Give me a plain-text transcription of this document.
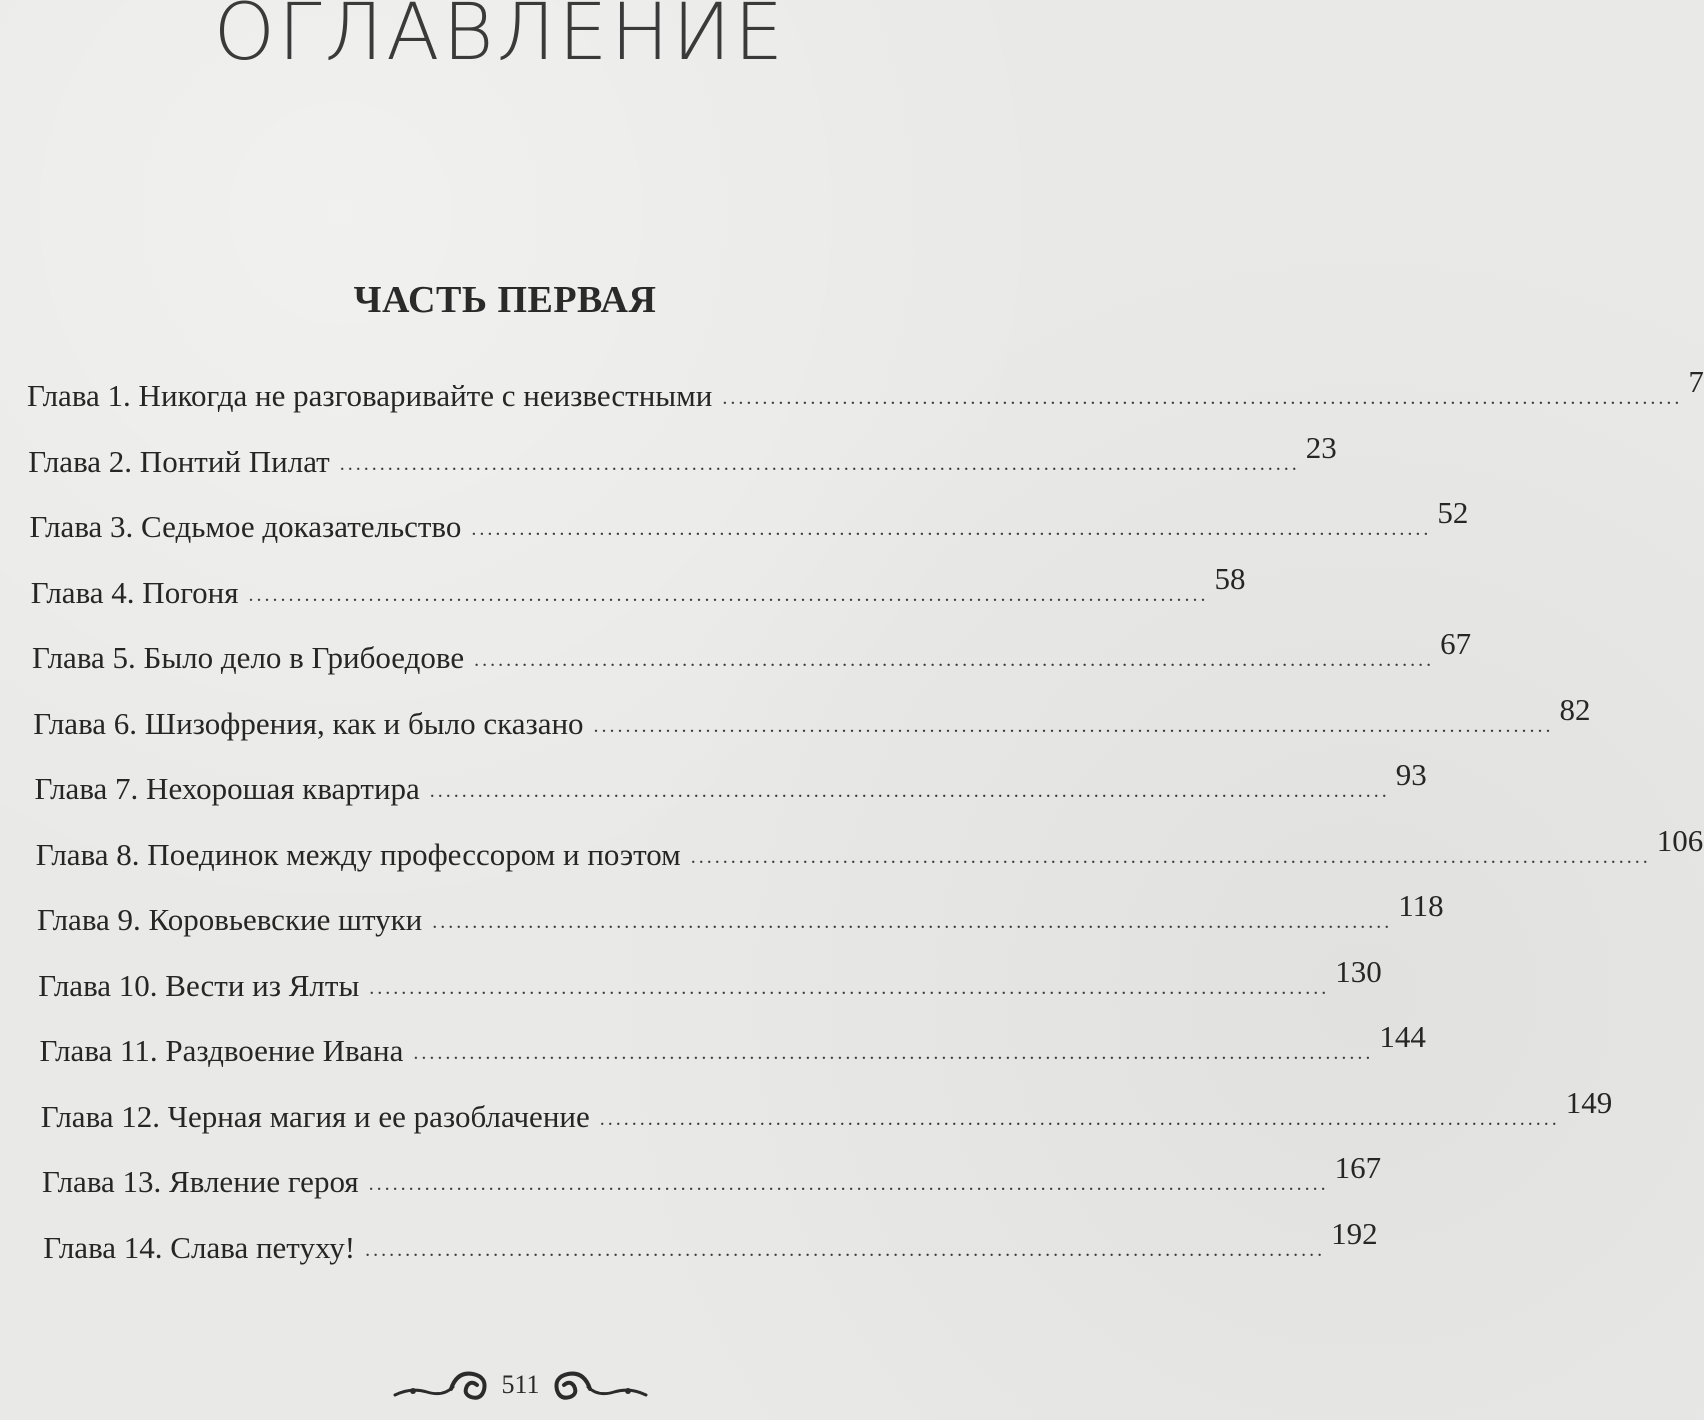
ОГЛАВЛЕНИЕ
ЧАСТЬ ПЕРВАЯ
Глава 1. Никогда не разговаривайте с неизвестными ........................................................................................................................ 7
Глава 2. Понтий Пилат ........................................................................................................................ 23
Глава 3. Седьмое доказательство ........................................................................................................................ 52
Глава 4. Погоня ........................................................................................................................ 58
Глава 5. Было дело в Грибоедове ........................................................................................................................ 67
Глава 6. Шизофрения, как и было сказано ........................................................................................................................ 82
Глава 7. Нехорошая квартира ........................................................................................................................ 93
Глава 8. Поединок между профессором и поэтом ........................................................................................................................ 106
Глава 9. Коровьевские штуки ........................................................................................................................ 118
Глава 10. Вести из Ялты ........................................................................................................................ 130
Глава 11. Раздвоение Ивана ........................................................................................................................ 144
Глава 12. Черная магия и ее разоблачение ........................................................................................................................ 149
Глава 13. Явление героя ........................................................................................................................ 167
Глава 14. Слава петуху! ........................................................................................................................ 192
511
